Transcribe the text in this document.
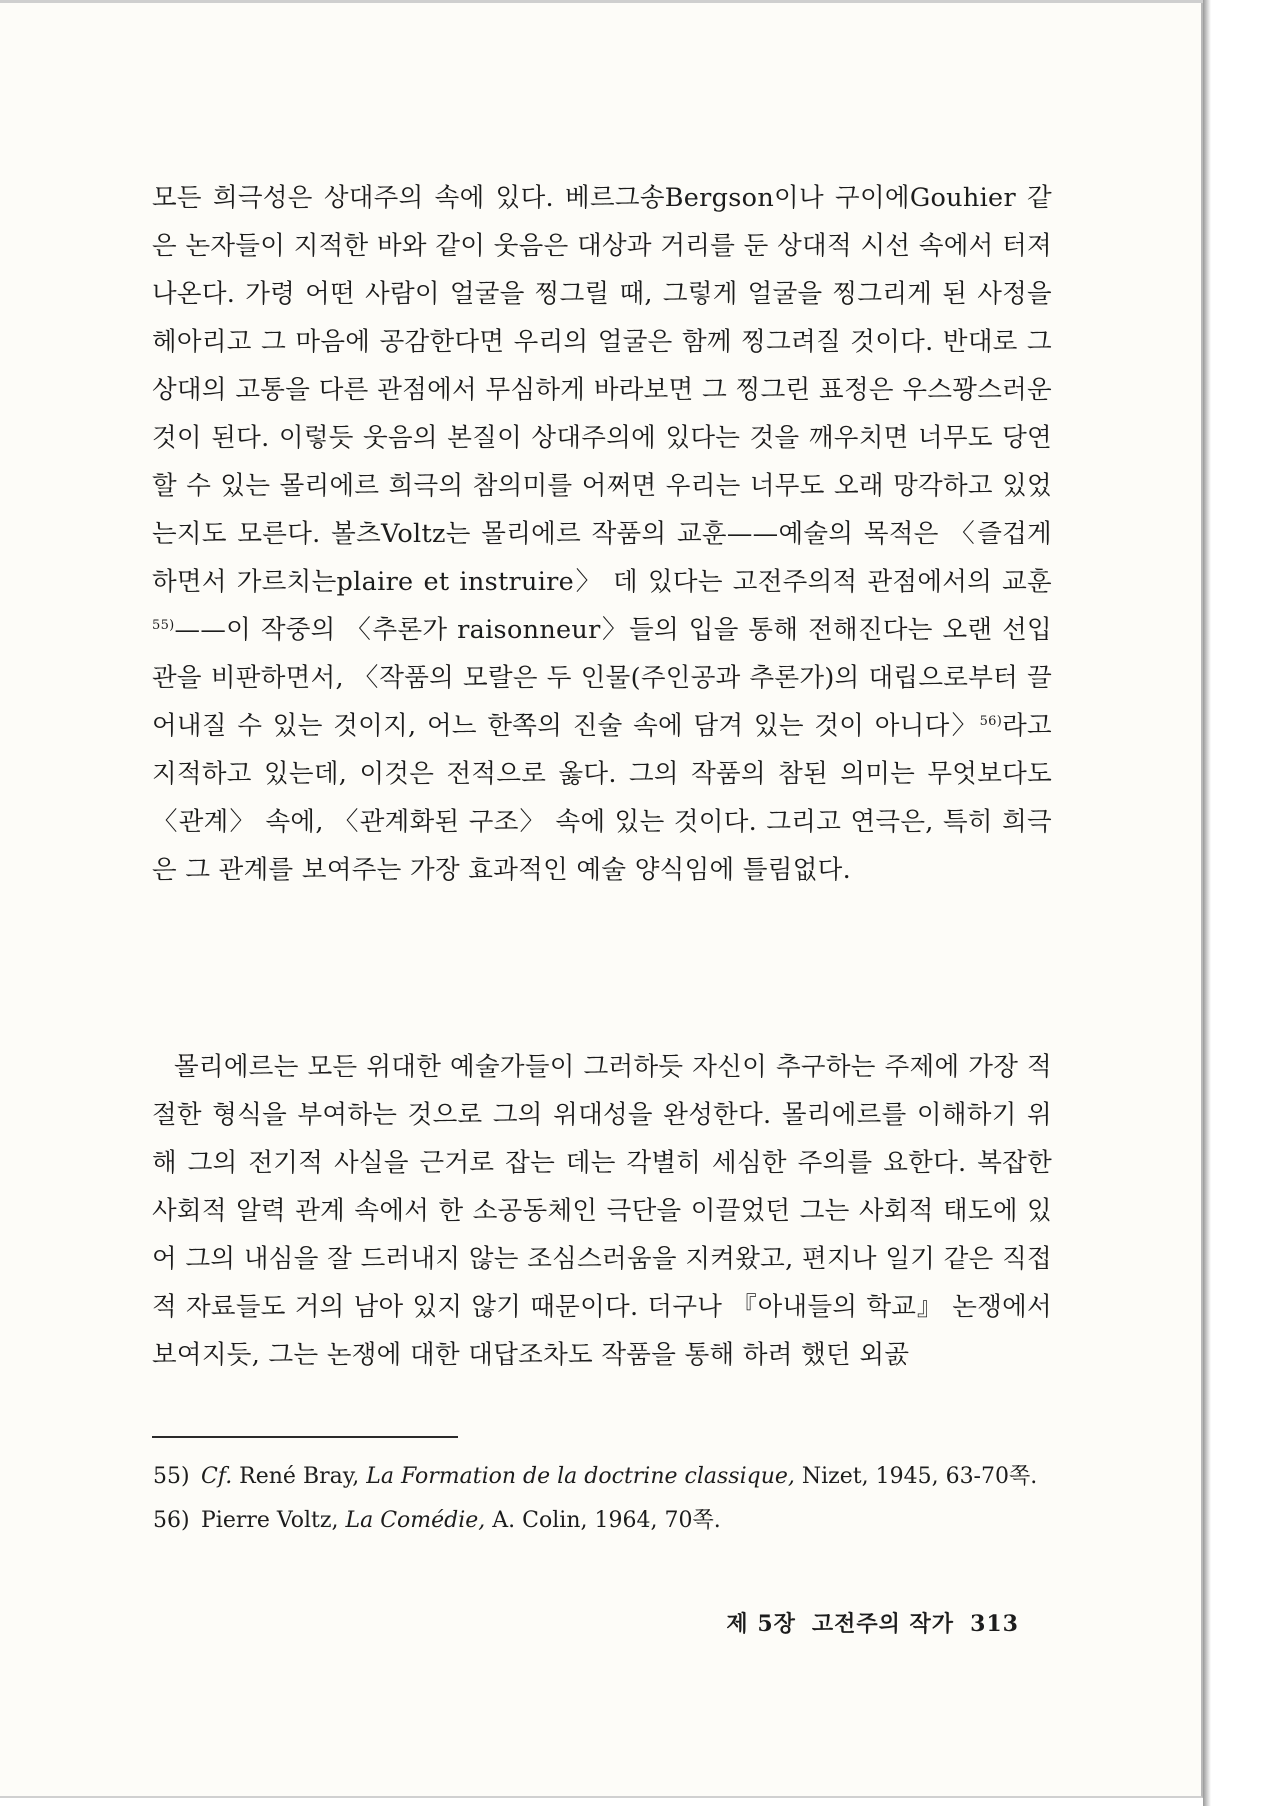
모든 희극성은 상대주의 속에 있다. 베르그송Bergson이나 구이에Gouhier 같은 논자들이 지적한 바와 같이 웃음은 대상과 거리를 둔 상대적 시선 속에서 터져나온다. 가령 어떤 사람이 얼굴을 찡그릴 때, 그렇게 얼굴을 찡그리게 된 사정을 헤아리고 그 마음에 공감한다면 우리의 얼굴은 함께 찡그려질 것이다. 반대로 그 상대의 고통을 다른 관점에서 무심하게 바라보면 그 찡그린 표정은 우스꽝스러운 것이 된다. 이렇듯 웃음의 본질이 상대주의에 있다는 것을 깨우치면 너무도 당연할 수 있는 몰리에르 희극의 참의미를 어쩌면 우리는 너무도 오래 망각하고 있었는지도 모른다. 볼츠Voltz는 몰리에르 작품의 교훈——예술의 목적은 〈즐겁게 하면서 가르치는plaire et instruire〉 데 있다는 고전주의적 관점에서의 교훈$^{55)}$——이 작중의 〈추론가 raisonneur〉들의 입을 통해 전해진다는 오랜 선입관을 비판하면서, 〈작품의 모랄은 두 인물(주인공과 추론가)의 대립으로부터 끌어내질 수 있는 것이지, 어느 한쪽의 진술 속에 담겨 있는 것이 아니다〉$^{56)}$라고 지적하고 있는데, 이것은 전적으로 옳다. 그의 작품의 참된 의미는 무엇보다도 〈관계〉 속에, 〈관계화된 구조〉 속에 있는 것이다. 그리고 연극은, 특히 희극은 그 관계를 보여주는 가장 효과적인 예술 양식임에 틀림없다.

몰리에르는 모든 위대한 예술가들이 그러하듯 자신이 추구하는 주제에 가장 적절한 형식을 부여하는 것으로 그의 위대성을 완성한다. 몰리에르를 이해하기 위해 그의 전기적 사실을 근거로 잡는 데는 각별히 세심한 주의를 요한다. 복잡한 사회적 알력 관계 속에서 한 소공동체인 극단을 이끌었던 그는 사회적 태도에 있어 그의 내심을 잘 드러내지 않는 조심스러움을 지켜왔고, 편지나 일기 같은 직접적 자료들도 거의 남아 있지 않기 때문이다. 더구나 『아내들의 학교』 논쟁에서 보여지듯, 그는 논쟁에 대한 대답조차도 작품을 통해 하려 했던 외곬

55) Cf. René Bray, La Formation de la doctrine classique, Nizet, 1945, 63-70쪽.

56) Pierre Voltz, La Comédie, A. Colin, 1964, 70쪽.

제 5장 고전주의 작가 313
